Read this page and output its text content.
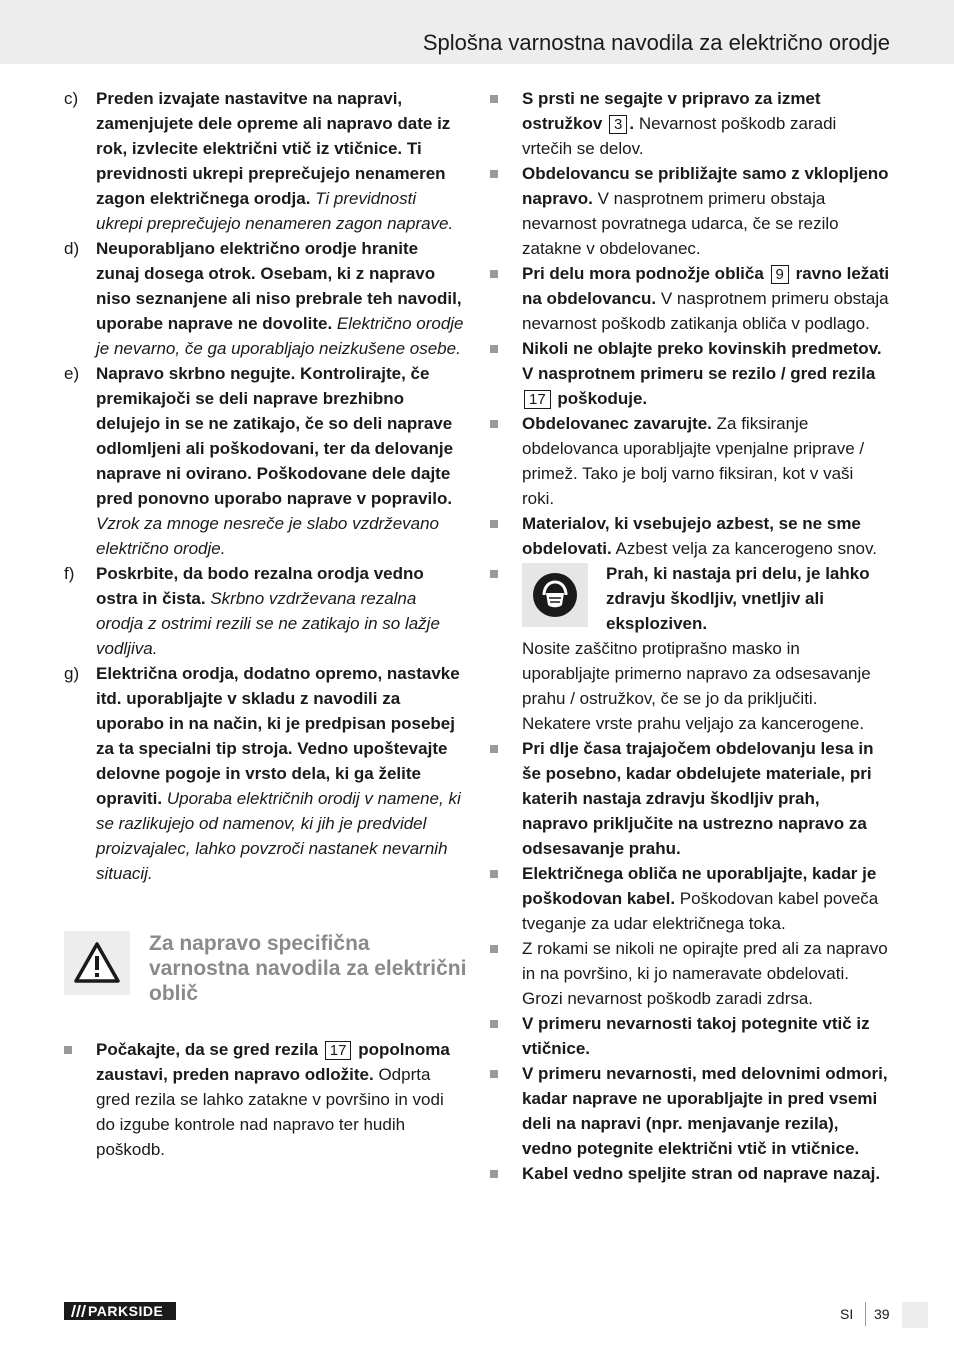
Splošna varnostna navodila za električno orodje

c)	Preden izvajate nastavitve na napravi, zamenjujete dele opreme ali napravo date iz rok, izvlecite električni vtič iz vtičnice. Ti previdnosti ukrepi preprečujejo nenameren zagon električnega orodja. Ti previdnosti ukrepi preprečujejo nenameren zagon naprave.

d) Neuporabljano električno orodje hranite zunaj dosega otrok. Osebam, ki z napravo niso seznanjene ali niso prebrale teh navodil, uporabe naprave ne dovolite. Električno orodje je nevarno, če ga uporabljajo neizkušene osebe.

e) Napravo skrbno negujte. Kontrolirajte, če premikajoči se deli naprave brezhibno delujejo in se ne zatikajo, če so deli naprave odlomljeni ali poškodovani, ter da delovanje naprave ni ovirano. Poškodovane dele dajte pred ponovno uporabo naprave v popravilo. Vzrok za mnoge nesreče je slabo vzdrževano električno orodje.

f)	Poskrbite, da bodo rezalna orodja vedno ostra in čista. Skrbno vzdrževana rezalna orodja z ostrimi rezili se ne zatikajo in so lažje vodljiva.

g) Električna orodja, dodatno opremo, nastavke itd. uporabljajte v skladu z navodili za uporabo in na način, ki je predpisan posebej za ta specialni tip stroja. Vedno upoštevajte delovne pogoje in vrsto dela, ki ga želite opraviti. Uporaba električnih orodij v namene, ki se razlikujejo od namenov, ki jih je predvidel proizvajalec, lahko povzroči nastanek nevarnih situacij.

Za napravo specifična varnostna navodila za električni oblič

Počakajte, da se gred rezila 17 popolnoma zaustavi, preden napravo odložite. Odprta gred rezila se lahko zatakne v površino in vodi do izgube kontrole nad napravo ter hudih poškodb.

S prsti ne segajte v pripravo za izmet ostružkov 3 . Nevarnost poškodb zaradi vrtečih se delov.

Obdelovancu se približajte samo z vklopljeno napravo. V nasprotnem primeru obstaja nevarnost povratnega udarca, če se rezilo zatakne v obdelovanec.

Pri delu mora podnožje obliča 9 ravno ležati na obdelovancu. V nasprotnem primeru obstaja nevarnost poškodb zatikanja obliča v podlago.

Nikoli ne oblajte preko kovinskih predmetov. V nasprotnem primeru se rezilo / gred rezila 17 poškoduje.

Obdelovanec zavarujte. Za fiksiranje obdelovanca uporabljajte vpenjalne priprave / primež. Tako je bolj varno fiksiran, kot v vaši roki.

Materialov, ki vsebujejo azbest, se ne sme obdelovati. Azbest velja za kancerogeno snov.

Prah, ki nastaja pri delu, je lahko zdravju škodljiv, vnetljiv ali eksploziven.
Nosite zaščitno protiprašno masko in uporabljajte primerno napravo za odsesavanje prahu / ostružkov, če se jo da priključiti. Nekatere vrste prahu veljajo za kancerogene.

Pri dlje časa trajajočem obdelovanju lesa in še posebno, kadar obdelujete materiale, pri katerih nastaja zdravju škodljiv prah, napravo priključite na ustrezno napravo za odsesavanje prahu.

Električnega obliča ne uporabljajte, kadar je poškodovan kabel. Poškodovan kabel poveča tveganje za udar električnega toka.

Z rokami se nikoli ne opirajte pred ali za napravo in na površino, ki jo nameravate obdelovati. Grozi nevarnost poškodb zaradi zdrsa.

V primeru nevarnosti takoj potegnite vtič iz vtičnice.

V primeru nevarnosti, med delovnimi odmori, kadar naprave ne uporabljajte in pred vsemi deli na napravi (npr. menjavanje rezila), vedno potegnite električni vtič in vtičnice.

Kabel vedno speljite stran od naprave nazaj.

PARKSIDE	SI 39
